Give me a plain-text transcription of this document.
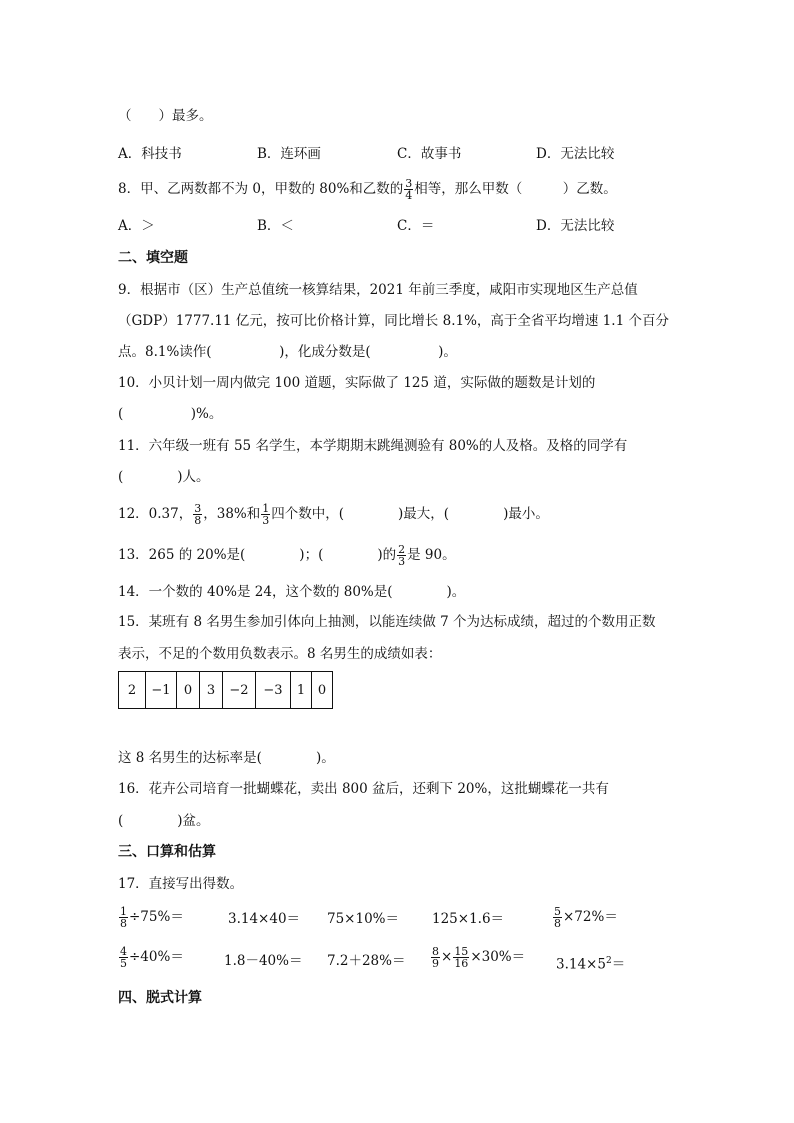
（　　）最多。
A．科技书	B．连环画	C．故事书	D．无法比较
8．甲、乙两数都不为 0，甲数的 80%和乙数的 $\frac{3}{4}$ 相等，那么甲数（　　　）乙数。
A．＞	B．＜	C．＝	D．无法比较
二、填空题
9．根据市（区）生产总值统一核算结果，2021 年前三季度，咸阳市实现地区生产总值
（GDP）1777.11 亿元，按可比价格计算，同比增长 8.1%，高于全省平均增速 1.1 个百分
点。8.1%读作(　　　　　)，化成分数是(　　　　　)。
10．小贝计划一周内做完 100 道题，实际做了 125 道，实际做的题数是计划的
(　　　　　)%。
11．六年级一班有 55 名学生，本学期期末跳绳测验有 80%的人及格。及格的同学有
(　　　　)人。
12．0.37， $\frac{3}{8}$ ，38%和 $\frac{1}{3}$ 四个数中，(　　　　)最大，(　　　　)最小。
13．265 的 20%是(　　　　)；(　　　　)的 $\frac{2}{3}$ 是 90。
14．一个数的 40%是 24，这个数的 80%是(　　　　)。
15．某班有 8 名男生参加引体向上抽测，以能连续做 7 个为达标成绩，超过的个数用正数
表示，不足的个数用负数表示。8 名男生的成绩如表：
2	−1	0	3	−2	−3	1	0
这 8 名男生的达标率是(　　　　)。
16．花卉公司培育一批蝴蝶花，卖出 800 盆后，还剩下 20%，这批蝴蝶花一共有
(　　　　)盆。
三、口算和估算
17．直接写出得数。
$\frac{1}{8} \div 75\%=$	3.14×40＝ 75×10%＝ 125×1.6＝	$\frac{5}{8} \times 72\%=$
$\frac{4}{5} \div 40\%=$	$1.8-40\%= 7.2+28\%= \frac{8}{9} \times \frac{15}{16} \times 30\%= 3.14\times 5^2=$
四、脱式计算
